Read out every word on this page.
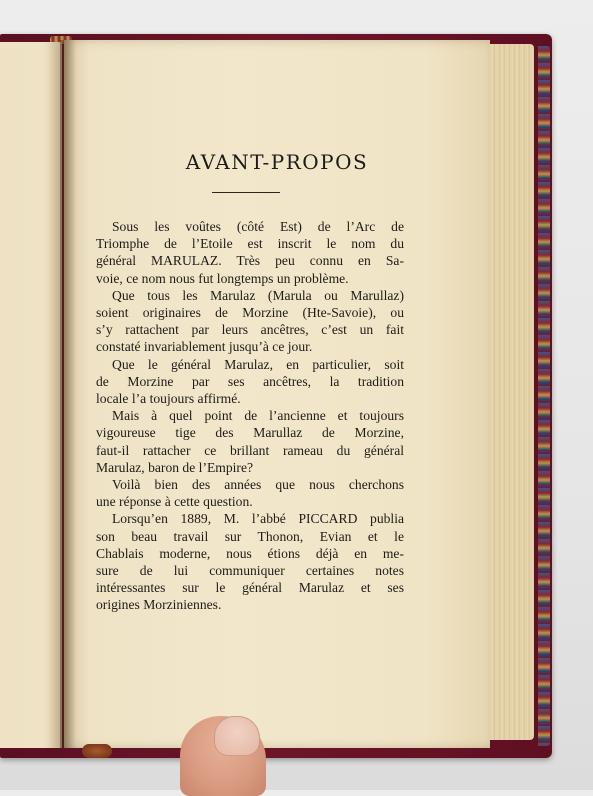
AVANT-PROPOS
Sous les voûtes (côté Est) de l’Arc de
Triomphe de l’Etoile est inscrit le nom du
général MARULAZ. Très peu connu en Sa-
voie, ce nom nous fut longtemps un problème.
Que tous les Marulaz (Marula ou Marullaz)
soient originaires de Morzine (Hte-Savoie), ou
s’y rattachent par leurs ancêtres, c’est un fait
constaté invariablement jusqu’à ce jour.
Que le général Marulaz, en particulier, soit
de Morzine par ses ancêtres, la tradition
locale l’a toujours affirmé.
Mais à quel point de l’ancienne et toujours
vigoureuse tige des Marullaz de Morzine,
faut-il rattacher ce brillant rameau du général
Marulaz, baron de l’Empire?
Voilà bien des années que nous cherchons
une réponse à cette question.
Lorsqu’en 1889, M. l’abbé PICCARD publia
son beau travail sur Thonon, Evian et le
Chablais moderne, nous étions déjà en me-
sure de lui communiquer certaines notes
intéressantes sur le général Marulaz et ses
origines Morziniennes.
